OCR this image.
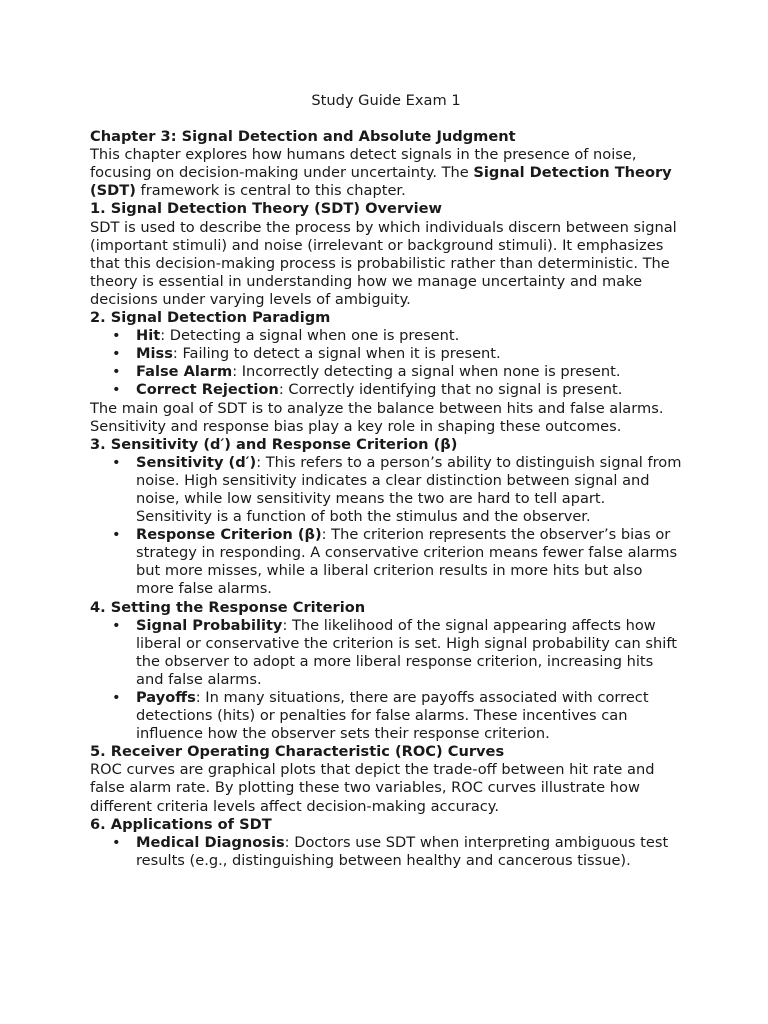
Study Guide Exam 1
Chapter 3: Signal Detection and Absolute Judgment

This chapter explores how humans detect signals in the presence of noise, focusing on decision-making under uncertainty. The Signal Detection Theory (SDT) framework is central to this chapter.

1. Signal Detection Theory (SDT) Overview

SDT is used to describe the process by which individuals discern between signal (important stimuli) and noise (irrelevant or background stimuli). It emphasizes that this decision-making process is probabilistic rather than deterministic. The theory is essential in understanding how we manage uncertainty and make decisions under varying levels of ambiguity.

2. Signal Detection Paradigm
• Hit: Detecting a signal when one is present.
• Miss: Failing to detect a signal when it is present.
• False Alarm: Incorrectly detecting a signal when none is present.
• Correct Rejection: Correctly identifying that no signal is present.

The main goal of SDT is to analyze the balance between hits and false alarms. Sensitivity and response bias play a key role in shaping these outcomes.

3. Sensitivity (d′) and Response Criterion (β)
• Sensitivity (d′): This refers to a person’s ability to distinguish signal from noise. High sensitivity indicates a clear distinction between signal and noise, while low sensitivity means the two are hard to tell apart. Sensitivity is a function of both the stimulus and the observer.
• Response Criterion (β): The criterion represents the observer’s bias or strategy in responding. A conservative criterion means fewer false alarms but more misses, while a liberal criterion results in more hits but also more false alarms.
4. Setting the Response Criterion
• Signal Probability: The likelihood of the signal appearing affects how liberal or conservative the criterion is set. High signal probability can shift the observer to adopt a more liberal response criterion, increasing hits and false alarms.
• Payoffs: In many situations, there are payoffs associated with correct detections (hits) or penalties for false alarms. These incentives can influence how the observer sets their response criterion.
5. Receiver Operating Characteristic (ROC) Curves

ROC curves are graphical plots that depict the trade-off between hit rate and false alarm rate. By plotting these two variables, ROC curves illustrate how different criteria levels affect decision-making accuracy.

6. Applications of SDT
• Medical Diagnosis: Doctors use SDT when interpreting ambiguous test results (e.g., distinguishing between healthy and cancerous tissue).
